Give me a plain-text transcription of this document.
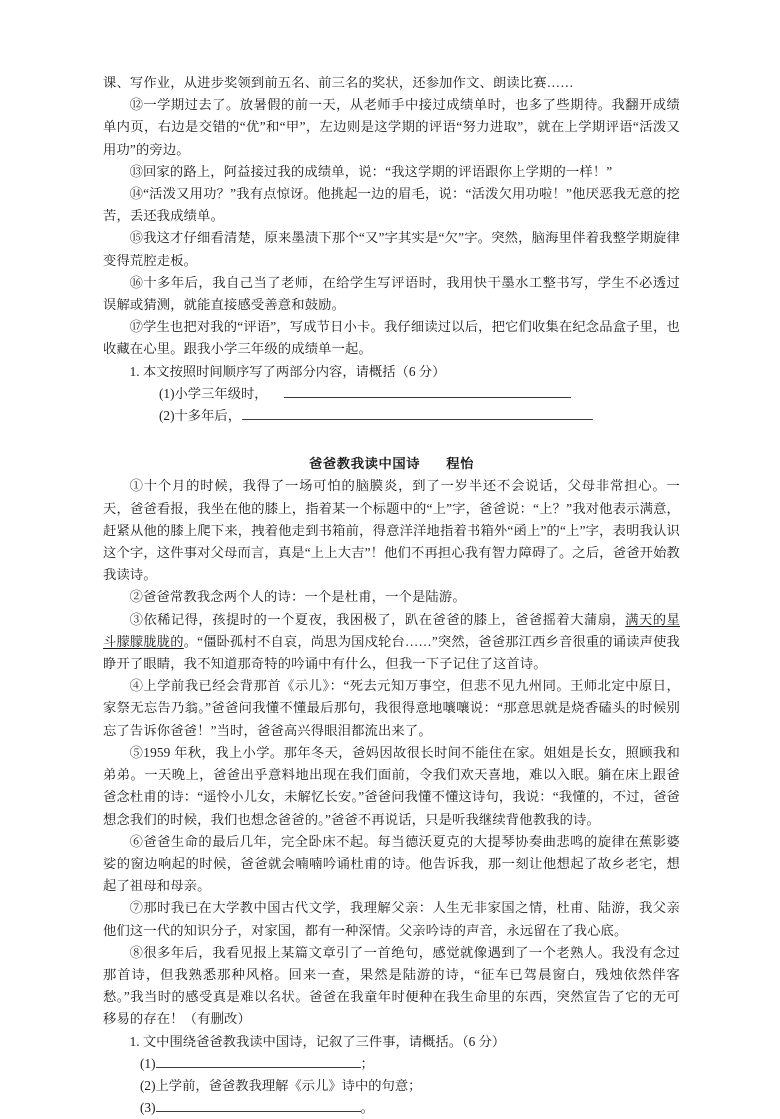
课、写作业，从进步奖领到前五名、前三名的奖状，还参加作文、朗读比赛……

⑫一学期过去了。放暑假的前一天，从老师手中接过成绩单时，也多了些期待。我翻开成绩单内页，右边是交错的“优”和“甲”，左边则是这学期的评语“努力进取”，就在上学期评语“活泼又用功”的旁边。

⑬回家的路上，阿益接过我的成绩单，说：“我这学期的评语跟你上学期的一样！”

⑭“活泼又用功？”我有点惊讶。他挑起一边的眉毛，说：“活泼欠用功啦！”他厌恶我无意的挖苦，丢还我成绩单。

⑮我这才仔细看清楚，原来墨渍下那个“又”字其实是“欠”字。突然，脑海里伴着我整学期旋律变得荒腔走板。

⑯十多年后，我自己当了老师，在给学生写评语时，我用快干墨水工整书写，学生不必透过误解或猜测，就能直接感受善意和鼓励。

⑰学生也把对我的“评语”，写成节日小卡。我仔细读过以后，把它们收集在纪念品盒子里，也收藏在心里。跟我小学三年级的成绩单一起。

1. 本文按照时间顺序写了两部分内容，请概括（6 分）

(1)小学三年级时，
(2)十多年后，

爸爸教我读中国诗 程怡

①十个月的时候，我得了一场可怕的脑膜炎，到了一岁半还不会说话，父母非常担心。一天，爸爸看报，我坐在他的膝上，指着某一个标题中的“上”字，爸爸说：“上？”我对他表示满意，赶紧从他的膝上爬下来，拽着他走到书箱前，得意洋洋地指着书箱外“函上”的“上”字，表明我认识这个字，这件事对父母而言，真是“上上大吉”！他们不再担心我有智力障碍了。之后，爸爸开始教我读诗。

②爸爸常教我念两个人的诗：一个是杜甫，一个是陆游。

③依稀记得，孩提时的一个夏夜，我困极了，趴在爸爸的膝上，爸爸摇着大蒲扇，满天的星斗朦朦胧胧的。“僵卧孤村不自哀，尚思为国戍轮台……”突然，爸爸那江西乡音很重的诵读声使我睁开了眼睛，我不知道那奇特的吟诵中有什么，但我一下子记住了这首诗。

④上学前我已经会背那首《示儿》：“死去元知万事空，但悲不见九州同。王师北定中原日，家祭无忘告乃翁。”爸爸问我懂不懂最后那句，我很得意地嚷嚷说：“那意思就是烧香磕头的时候别忘了告诉你爸爸！”当时，爸爸高兴得眼泪都流出来了。

⑤1959 年秋，我上小学。那年冬天，爸妈因故很长时间不能住在家。姐姐是长女，照顾我和弟弟。一天晚上，爸爸出乎意料地出现在我们面前，令我们欢天喜地，难以入眠。躺在床上跟爸爸念杜甫的诗：“遥怜小儿女，未解忆长安。”爸爸问我懂不懂这诗句，我说：“我懂的，不过，爸爸想念我们的时候，我们也想念爸爸的。”爸爸不再说话，只是听我继续背他教我的诗。

⑥爸爸生命的最后几年，完全卧床不起。每当德沃夏克的大提琴协奏曲悲鸣的旋律在蕉影婆娑的窗边响起的时候，爸爸就会喃喃吟诵杜甫的诗。他告诉我，那一刻让他想起了故乡老宅，想起了祖母和母亲。

⑦那时我已在大学教中国古代文学，我理解父亲：人生无非家国之情，杜甫、陆游，我父亲他们这一代的知识分子，对家国，都有一种深情。父亲吟诗的声音，永远留在了我心底。

⑧很多年后，我看见报上某篇文章引了一首绝句，感觉就像遇到了一个老熟人。我没有念过那首诗，但我熟悉那种风格。回来一查，果然是陆游的诗，“征车已驾晨窗白，残烛依然伴客愁。”我当时的感受真是难以名状。爸爸在我童年时便种在我生命里的东西，突然宣告了它的无可移易的存在！（有删改）

1. 文中围绕爸爸教我读中国诗，记叙了三件事，请概括。（6 分）

(1)	；
(2)上学前，爸爸教我理解《示儿》诗中的句意；
(3)	。
